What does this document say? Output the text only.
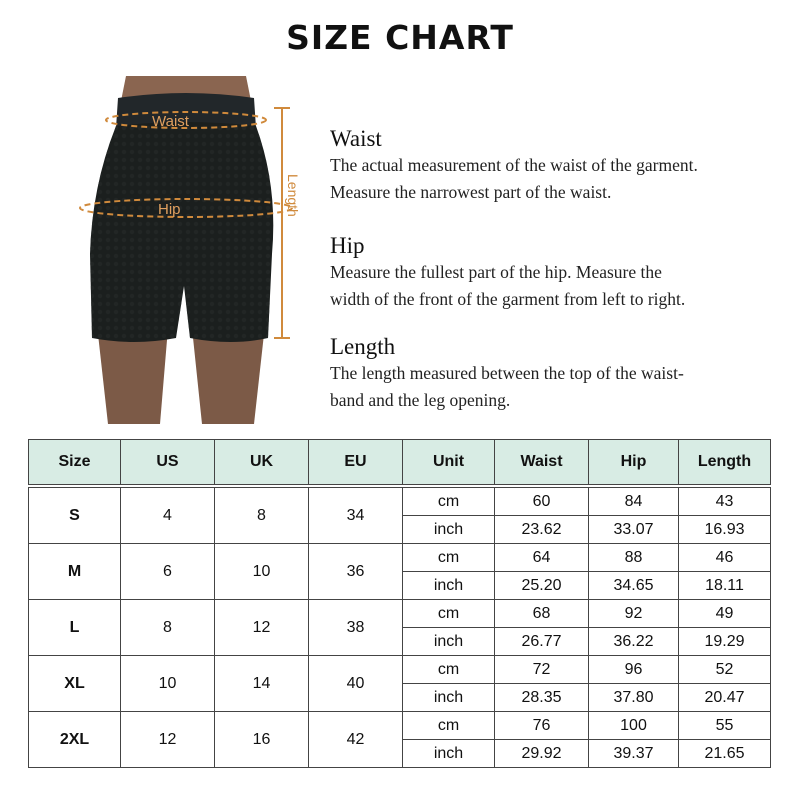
SIZE CHART
Waist
Hip	Length
Waist

The actual measurement of the waist of the garment.

Measure the narrowest part of the waist.

Hip

Measure the fullest part of the hip. Measure the

width of the front of the garment from left to right.

Length

The length measured between the top of the waist-

band and the leg opening.

Size	US	UK	EU	Unit	Waist	Hip	Length

S	4	8	34	cm	60	84	43
				inch	23.62	33.07	16.93
M	6	10	36	cm	64	88	46
				inch	25.20	34.65	18.11
L	8	12	38	cm	68	92	49
				inch	26.77	36.22	19.29
XL	10	14	40	cm	72	96	52
				inch	28.35	37.80	20.47
2XL	12	16	42	cm	76	100	55
				inch	29.92	39.37	21.65
